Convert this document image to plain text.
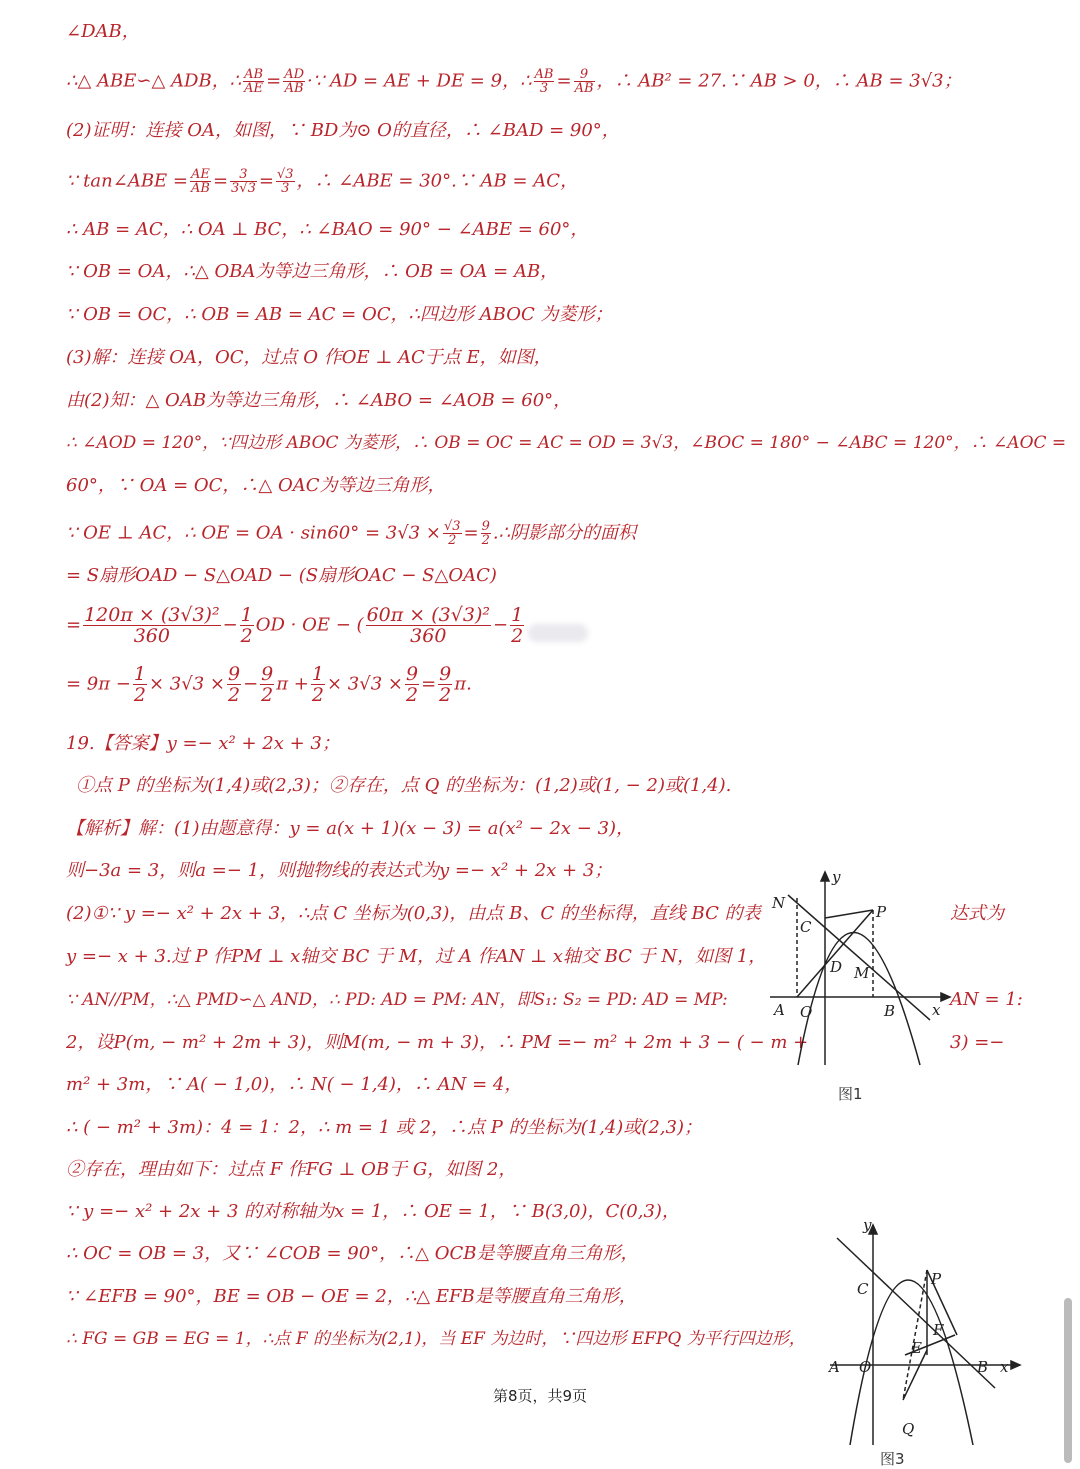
∠DAB，
∴△ ABE∽△ ADB，∴ $\frac{AB}{AE} = \frac{AD}{AB}$ ·∵ AD = AE + DE = 9，∴ $\frac{AB}{3} = \frac{9}{AB}$ ，∴ AB² = 27.∵ AB > 0，∴ AB = 3√3；
(2)证明：连接 OA，如图，∵ BD为⊙ O的直径，∴ ∠BAD = 90°，
∵ tan∠ABE = $\frac{AE}{AB} = \frac{3}{3√3} = \frac{√3}{3}$ ，∴ ∠ABE = 30°.∵ AB = AC，
∴ AB = AC，∴ OA ⊥ BC，∴ ∠BAO = 90° − ∠ABE = 60°，
∵ OB = OA，∴△ OBA为等边三角形，∴ OB = OA = AB，
∵ OB = OC，∴ OB = AB = AC = OC，∴四边形 ABOC 为菱形；
(3)解：连接 OA，OC，过点 O 作OE ⊥ AC于点 E，如图，
由(2)知：△ OAB为等边三角形，∴ ∠ABO = ∠AOB = 60°，
∴ ∠AOD = 120°，∵四边形 ABOC 为菱形，∴ OB = OC = AC = OD = 3√3，∠BOC = 180° − ∠ABC = 120°，∴ ∠AOC =
60°，∵ OA = OC，∴△ OAC为等边三角形，
∵ OE ⊥ AC，∴ OE = OA · $\sin 60^\circ = 3√3 \times \frac{√3}{2} = \frac{9}{2}$ .∴阴影部分的面积
= S扇形OAD − S△OAD − (S扇形OAC − S△OAC)
= $\frac{\text{120π × (3√3)²}}{360} - \frac{1}{2}$ OD · OE − ( $\frac{\text{60π × (3√3)²}}{360} - \frac{1}{2}$
= $9\pi - \frac{1}{2} \times 3√3 \times \frac{9}{2} - \frac{9}{2}$ $\pi + \frac{1}{2} \times 3√3 \times \frac{9}{2} = \frac{9}{2} \pi$.
19.【答案】y =− x² + 2x + 3；
①点 P 的坐标为(1,4)或(2,3)；②存在，点 Q 的坐标为：(1,2)或(1, − 2)或(1,4).
【解析】解：(1)由题意得：y = a(x + 1)(x − 3) = a(x² − 2x − 3)，
则−3a = 3，则a =− 1，则抛物线的表达式为y =− x² + 2x + 3；
(2)①∵ y =− x² + 2x + 3，∴点 C 坐标为(0,3)，由点 B、C 的坐标得，直线 BC 的表	达式为
y =− x + 3.过 P 作PM ⊥ x轴交 BC 于 M，过 A 作AN ⊥ x轴交 BC 于 N，如图 1，
∵ AN//PM，∴△ PMD∽△ AND，∴ PD: AD = PM: AN，即S₁: S₂ = PD: AD = MP:	AN = 1:
2，设P(m, − m² + 2m + 3)，则M(m, − m + 3)，∴ PM =− m² + 2m + 3 − ( − m +	3) =−
m² + 3m，∵ A( − 1,0)，∴ N( − 1,4)，∴ AN = 4，
∴ ( − m² + 3m)：4 = 1：2，∴ m = 1 或 2，∴点 P 的坐标为(1,4)或(2,3)；
②存在，理由如下：过点 F 作FG ⊥ OB于 G，如图 2，
∵ y =− x² + 2x + 3 的对称轴为x = 1，∴ OE = 1，∵ B(3,0)，C(0,3)，
∴ OC = OB = 3，又∵ ∠COB = 90°，∴△ OCB是等腰直角三角形，
∵ ∠EFB = 90°，BE = OB − OE = 2，∴△ EFB是等腰直角三角形，
∴ FG = GB = EG = 1，∴点 F 的坐标为(2,1)，当 EF 为边时，∵四边形 EFPQ 为平行四边形，
y
N
C
P
D M
A O	B x
图1
y
C
P
F
E
A O	B x
Q
图3
第8页，共9页
